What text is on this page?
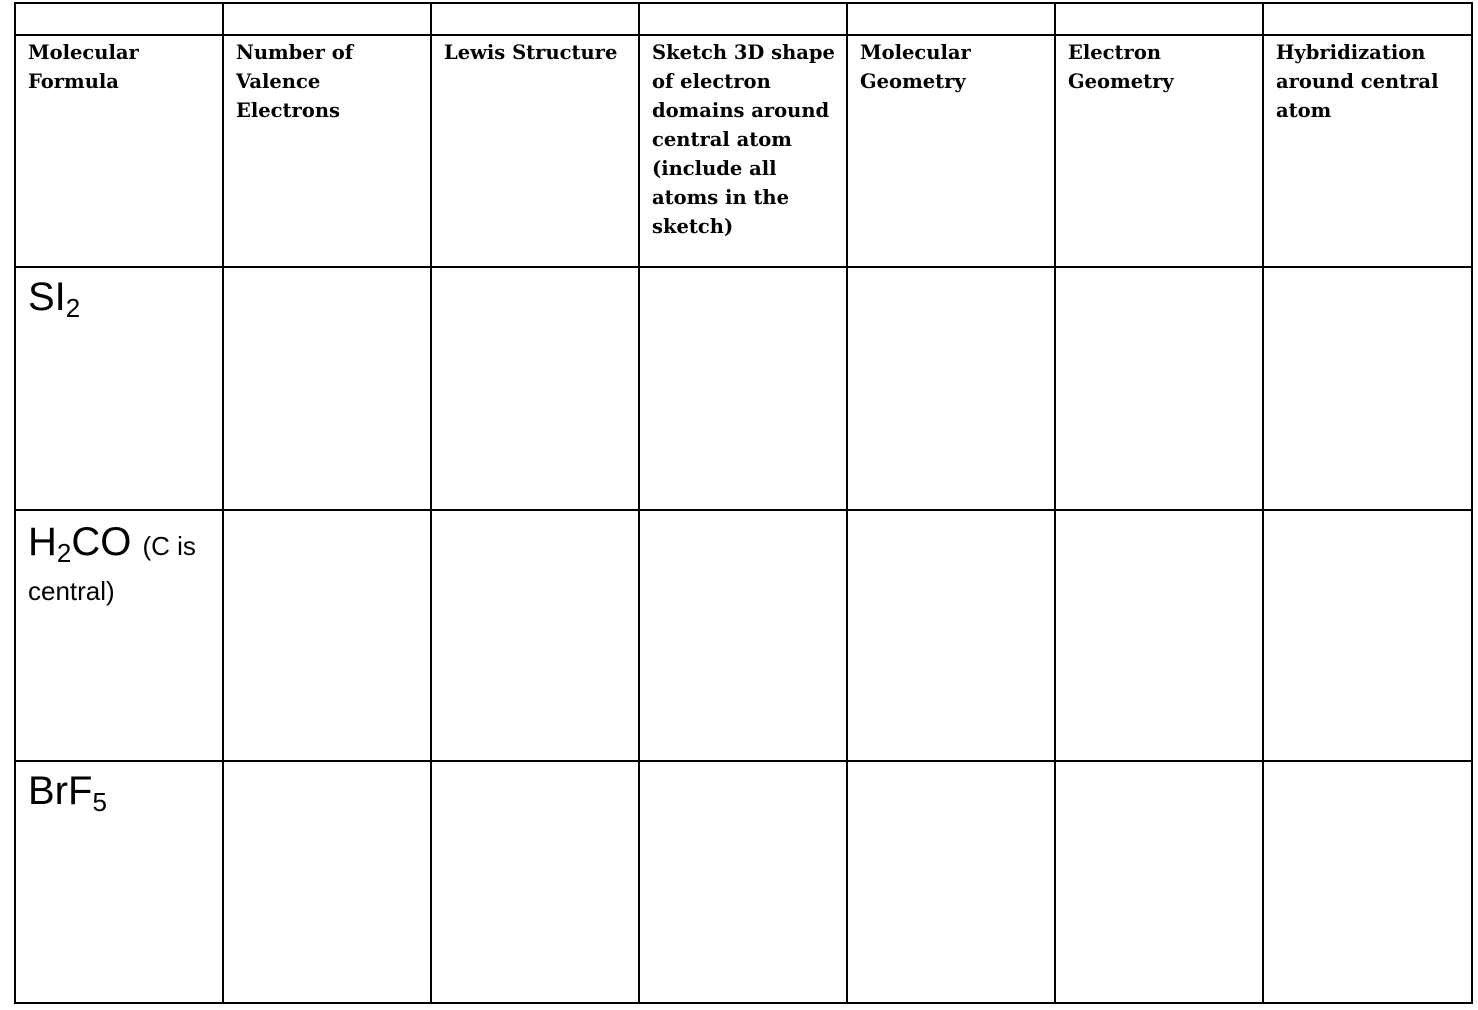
Molecular Formula	Number of Valence Electrons	Lewis Structure	Sketch 3D shape of electron domains around central atom (include all atoms in the sketch)	Molecular Geometry	Electron Geometry	Hybridization around central atom

$SI_2$

$H_2CO$ (C is
central)						

BrF$_5$
